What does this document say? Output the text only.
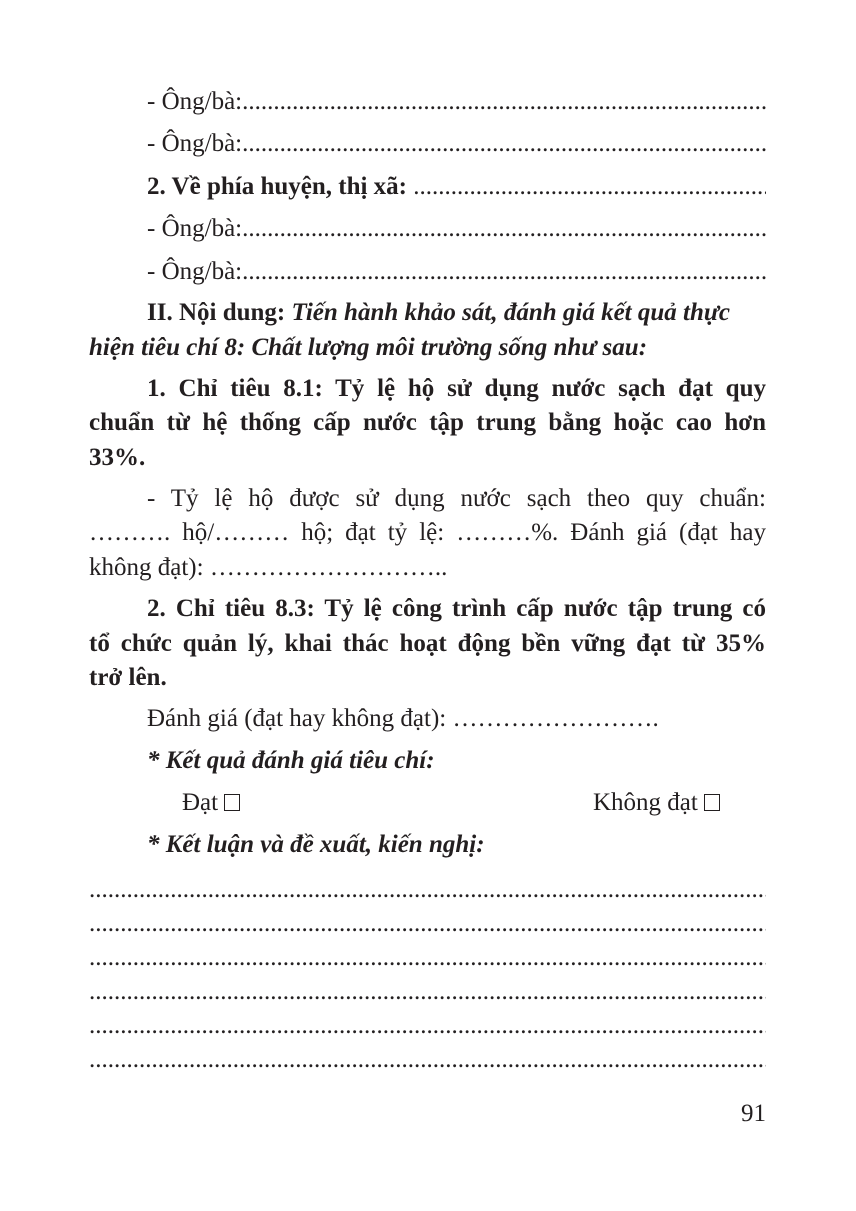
- Ông/bà:
.....
- Ông/bà:
.....
2. Về phía huyện, thị xã:

.....
- Ông/bà:
.....
- Ông/bà:
.....
II. Nội dung: Tiến hành khảo sát, đánh giá kết quả thực
hiện tiêu chí 8: Chất lượng môi trường sống như sau:
1. Chỉ tiêu 8.1: Tỷ lệ hộ sử dụng nước sạch đạt quy
chuẩn từ hệ thống cấp nước tập trung bằng hoặc cao hơn
33%.
- Tỷ lệ hộ được sử dụng nước sạch theo quy chuẩn:
………. hộ/……… hộ; đạt tỷ lệ: ………%. Đánh giá (đạt hay
không đạt): ………………………..
2. Chỉ tiêu 8.3: Tỷ lệ công trình cấp nước tập trung có
tổ chức quản lý, khai thác hoạt động bền vững đạt từ 35%
trở lên.
Đánh giá (đạt hay không đạt): …………………….
* Kết quả đánh giá tiêu chí:
Đạt	Không đạt
* Kết luận và đề xuất, kiến nghị:
.....
.....
.....
.....
.....
.....
91
